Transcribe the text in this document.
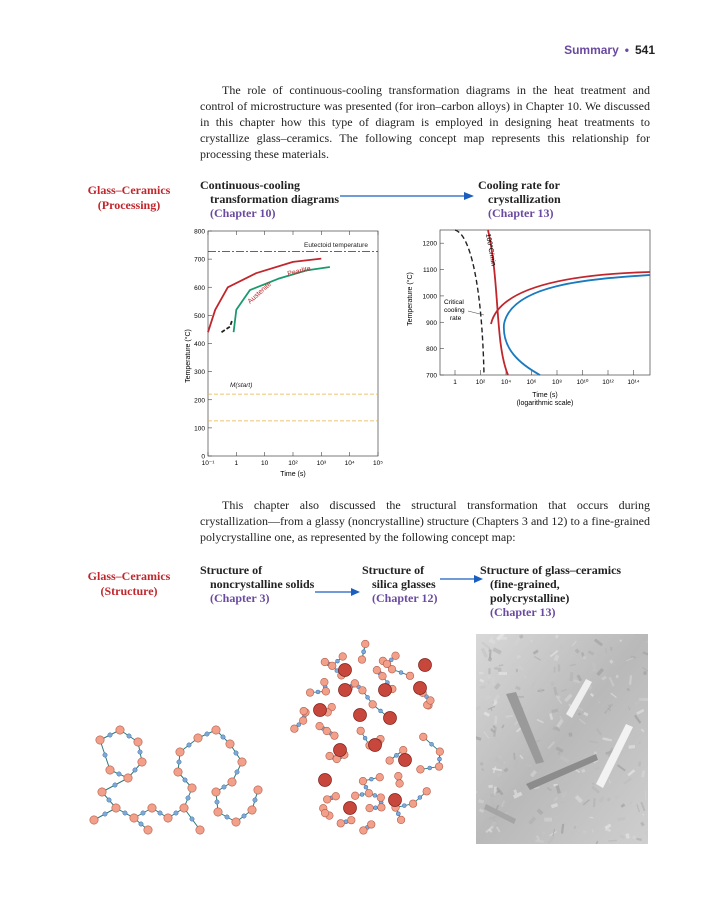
Summary • 541

The role of continuous-cooling transformation diagrams in the heat treatment and control of microstructure was presented (for iron–carbon alloys) in Chapter 10. We discussed in this chapter how this type of diagram is employed in designing heat treatments to crystallize glass–ceramics. The following concept map represents this relationship for processing these materials.

Glass–Ceramics
(Processing)
Continuous-cooling
transformation diagrams
(Chapter 10)
Cooling rate for
crystallization
(Chapter 13)
Temperature (°C)
0
100
200
300
400
500
600
700
800
10⁻¹	1	10	10²	10³	10⁴	10⁵
Eutectoid temperature
Pearlite
Austenite
M(start)
Time (s)
Temperature (°C)
700
800
900
1000
1100
1200
1	10² 10⁴ 10⁶ 10⁸ 10¹⁰ 10¹² 10¹⁴
100°C/min
Critical
cooling
rate
Time (s)
(logarithmic scale)

This chapter also discussed the structural transformation that occurs during crystallization—from a glassy (noncrystalline) structure (Chapters 3 and 12) to a fine-grained polycrystalline one, as represented by the following concept map:

Glass–Ceramics
(Structure)
Structure of
noncrystalline solids
(Chapter 3)
Structure of
silica glasses
(Chapter 12)
Structure of glass–ceramics
(fine-grained,
polycrystalline)
(Chapter 13)
